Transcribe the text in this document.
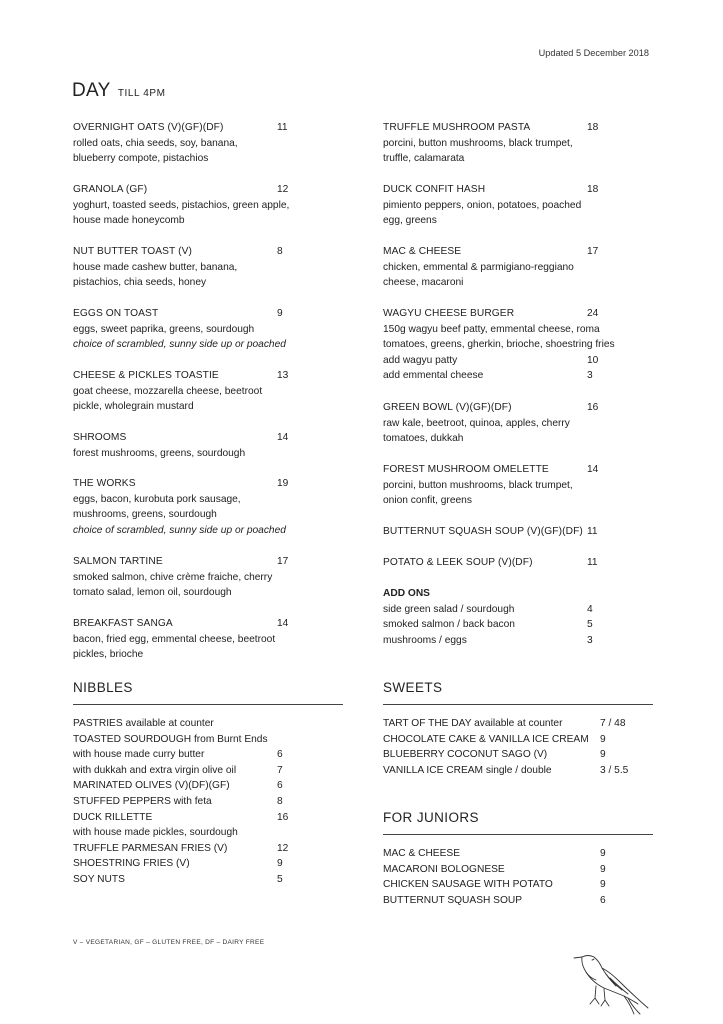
Updated 5 December 2018
DAY TILL 4PM
OVERNIGHT OATS (V)(GF)(DF)	11
rolled oats, chia seeds, soy, banana,
blueberry compote, pistachios
GRANOLA (GF)	12
yoghurt, toasted seeds, pistachios, green apple,
house made honeycomb
NUT BUTTER TOAST (V)	8
house made cashew butter, banana,
pistachios, chia seeds, honey
EGGS ON TOAST	9
eggs, sweet paprika, greens, sourdough
choice of scrambled, sunny side up or poached
CHEESE & PICKLES TOASTIE	13
goat cheese, mozzarella cheese, beetroot
pickle, wholegrain mustard
SHROOMS	14
forest mushrooms, greens, sourdough
THE WORKS	19
eggs, bacon, kurobuta pork sausage,
mushrooms, greens, sourdough
choice of scrambled, sunny side up or poached
SALMON TARTINE	17
smoked salmon, chive crème fraiche, cherry
tomato salad, lemon oil, sourdough
BREAKFAST SANGA	14
bacon, fried egg, emmental cheese, beetroot
pickles, brioche
TRUFFLE MUSHROOM PASTA	18
porcini, button mushrooms, black trumpet,
truffle, calamarata
DUCK CONFIT HASH	18
pimiento peppers, onion, potatoes, poached
egg, greens
MAC & CHEESE	17
chicken, emmental & parmigiano-reggiano
cheese, macaroni
WAGYU CHEESE BURGER	24
150g wagyu beef patty, emmental cheese, roma
tomatoes, greens, gherkin, brioche, shoestring fries
add wagyu patty	10
add emmental cheese	3
GREEN BOWL (V)(GF)(DF)	16
raw kale, beetroot, quinoa, apples, cherry
tomatoes, dukkah
FOREST MUSHROOM OMELETTE	14
porcini, button mushrooms, black trumpet,
onion confit, greens
BUTTERNUT SQUASH SOUP (V)(GF)(DF) 11
POTATO & LEEK SOUP (V)(DF)	11
ADD ONS
side green salad / sourdough	4
smoked salmon / back bacon	5
mushrooms / eggs	3
NIBBLES
PASTRIES available at counter
TOASTED SOURDOUGH from Burnt Ends
with house made curry butter	6
with dukkah and extra virgin olive oil	7
MARINATED OLIVES (V)(DF)(GF)	6
STUFFED PEPPERS with feta	8
DUCK RILLETTE	16
with house made pickles, sourdough
TRUFFLE PARMESAN FRIES (V)	12
SHOESTRING FRIES (V)	9
SOY NUTS	5
SWEETS
TART OF THE DAY available at counter	7 / 48
CHOCOLATE CAKE & VANILLA ICE CREAM 9
BLUEBERRY COCONUT SAGO (V)	9
VANILLA ICE CREAM single / double	3 / 5.5
FOR JUNIORS
MAC & CHEESE	9
MACARONI BOLOGNESE	9
CHICKEN SAUSAGE WITH POTATO	9
BUTTERNUT SQUASH SOUP	6
V – VEGETARIAN, GF – GLUTEN FREE, DF – DAIRY FREE
